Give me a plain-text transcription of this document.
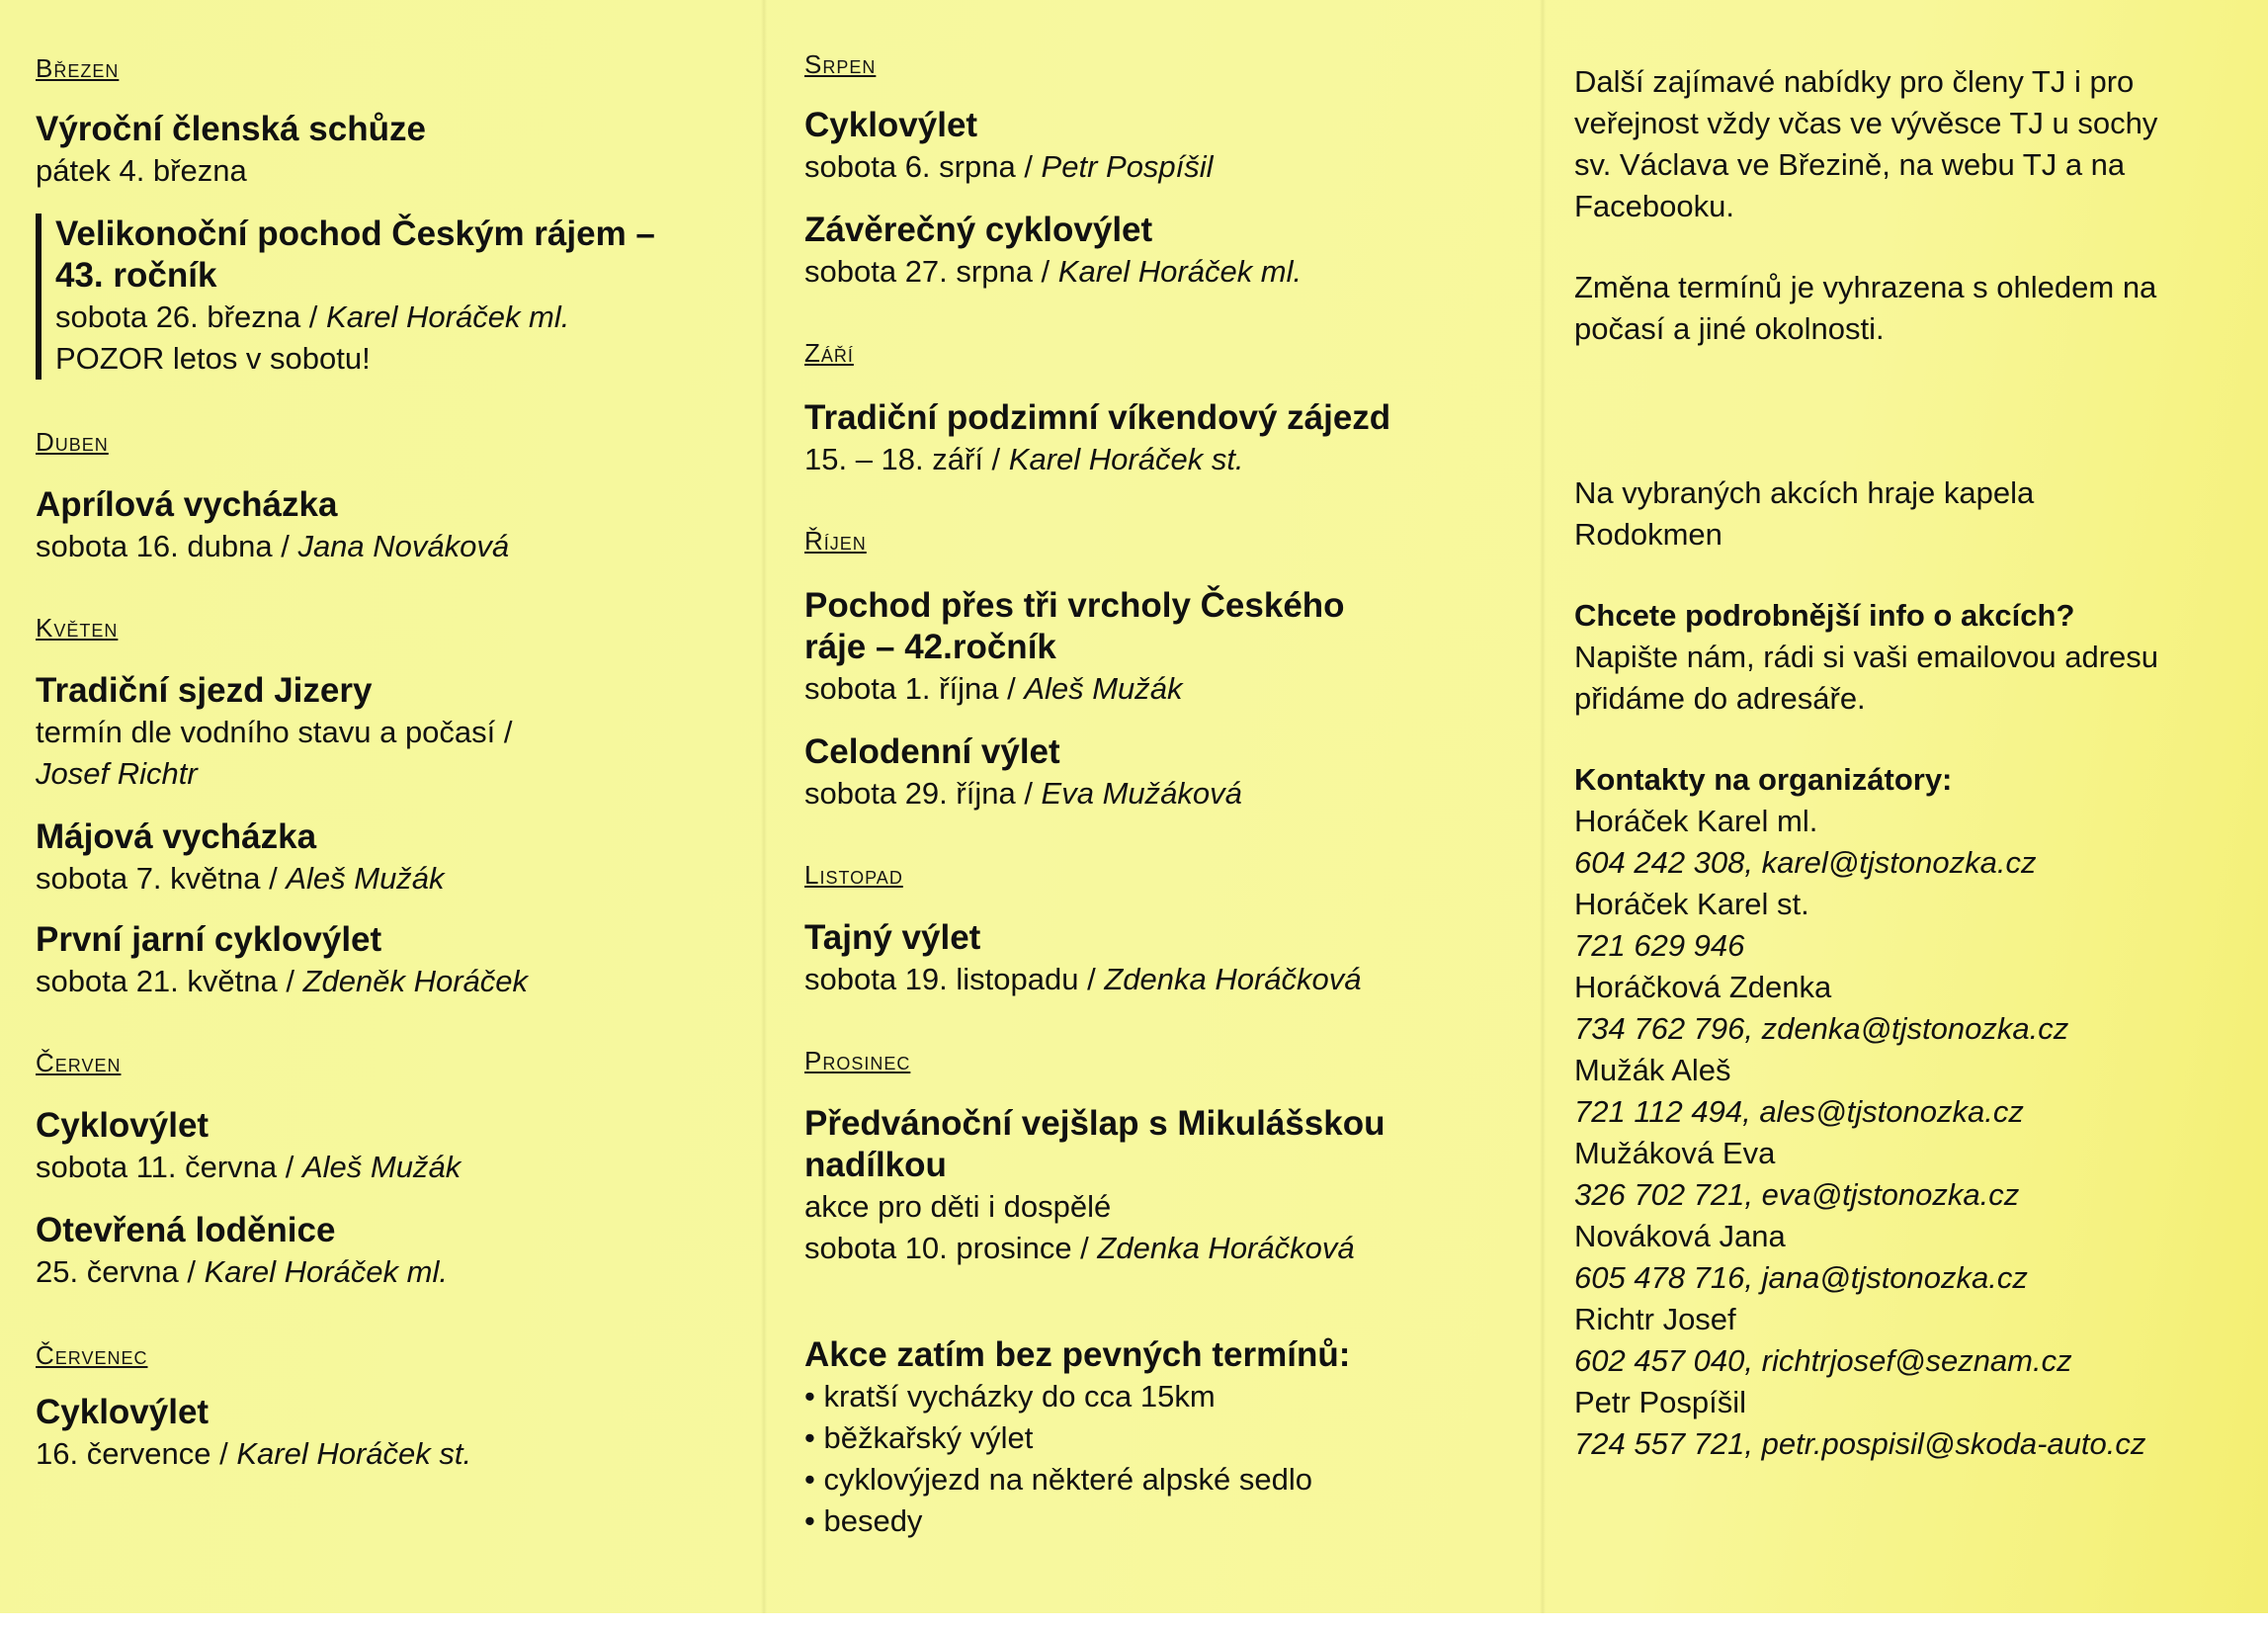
Březen
Výroční členská schůze
pátek 4. března
Velikonoční pochod Českým rájem –
43. ročník
sobota 26. března / Karel Horáček ml.
POZOR letos v sobotu!
Duben
Aprílová vycházka
sobota 16. dubna / Jana Nováková
Květen
Tradiční sjezd Jizery
termín dle vodního stavu a počasí /
Josef Richtr
Májová vycházka
sobota 7. května / Aleš Mužák
První jarní cyklovýlet
sobota 21. května / Zdeněk Horáček
Červen
Cyklovýlet
sobota 11. června / Aleš Mužák
Otevřená loděnice
25. června / Karel Horáček ml.
Červenec
Cyklovýlet
16. července / Karel Horáček st.
Srpen
Cyklovýlet
sobota 6. srpna / Petr Pospíšil
Závěrečný cyklovýlet
sobota 27. srpna / Karel Horáček ml.
Září
Tradiční podzimní víkendový zájezd
15. – 18. září / Karel Horáček st.
Říjen
Pochod přes tři vrcholy Českého
ráje – 42.ročník
sobota 1. října / Aleš Mužák
Celodenní výlet
sobota 29. října / Eva Mužáková
Listopad
Tajný výlet
sobota 19. listopadu / Zdenka Horáčková
Prosinec
Předvánoční vejšlap s Mikulášskou
nadílkou
akce pro děti i dospělé
sobota 10. prosince / Zdenka Horáčková
Akce zatím bez pevných termínů:
• kratší vycházky do cca 15km
• běžkařský výlet
• cyklovýjezd na některé alpské sedlo
• besedy
Další zajímavé nabídky pro členy TJ i pro
veřejnost vždy včas ve vývěsce TJ u sochy
sv. Václava ve Březině, na webu TJ a na
Facebooku.
Změna termínů je vyhrazena s ohledem na
počasí a jiné okolnosti.
Na vybraných akcích hraje kapela
Rodokmen
Chcete podrobnější info o akcích?
Napište nám, rádi si vaši emailovou adresu
přidáme do adresáře.
Kontakty na organizátory:
Horáček Karel ml.
604 242 308, karel@tjstonozka.cz
Horáček Karel st.
721 629 946
Horáčková Zdenka
734 762 796, zdenka@tjstonozka.cz
Mužák Aleš
721 112 494, ales@tjstonozka.cz
Mužáková Eva
326 702 721, eva@tjstonozka.cz
Nováková Jana
605 478 716, jana@tjstonozka.cz
Richtr Josef
602 457 040, richtrjosef@seznam.cz
Petr Pospíšil
724 557 721, petr.pospisil@skoda-auto.cz
